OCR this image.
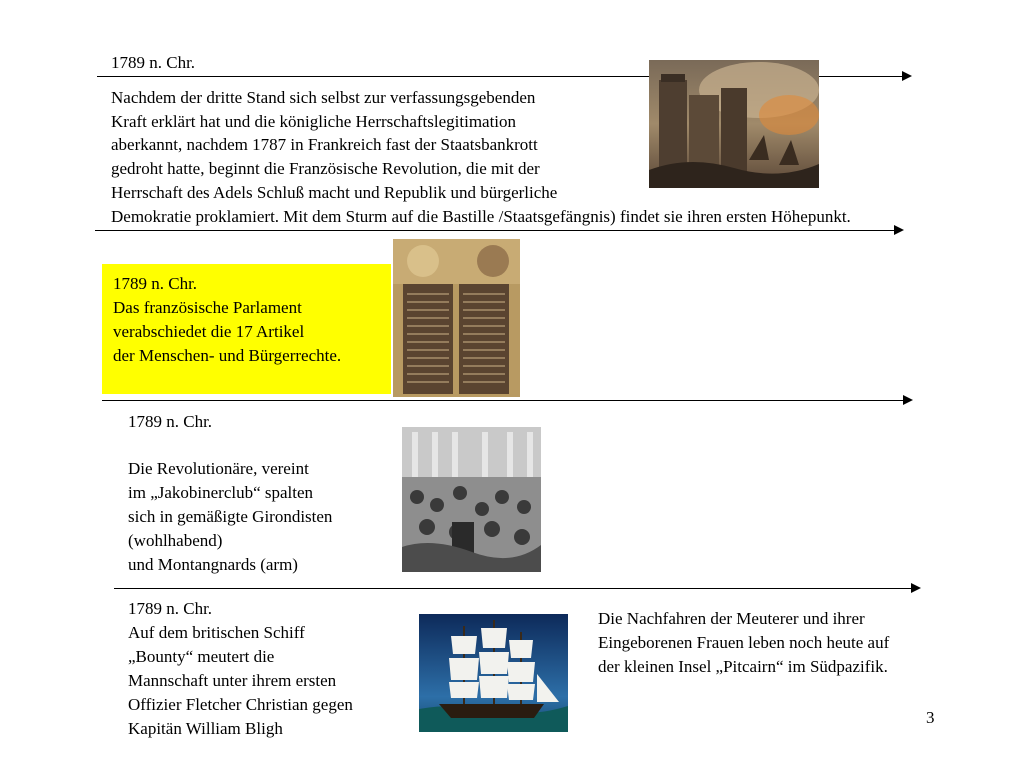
1789 n. Chr.
Nachdem der dritte Stand sich selbst zur verfassungsgebenden
Kraft erklärt hat und die königliche Herrschaftslegitimation
aberkannt, nachdem 1787 in Frankreich fast der Staatsbankrott
gedroht hatte, beginnt die Französische Revolution, die mit der
Herrschaft des Adels Schluß macht und Republik und bürgerliche
Demokratie proklamiert. Mit dem Sturm auf die Bastille /Staatsgefängnis) findet sie ihren ersten Höhepunkt.
1789 n. Chr.
Das französische Parlament
verabschiedet die 17 Artikel
der Menschen- und Bürgerrechte.
1789 n. Chr.
Die Revolutionäre, vereint
im „Jakobinerclub“ spalten
sich in gemäßigte Girondisten
(wohlhabend)
und Montangnards (arm)
1789 n. Chr.
Auf dem britischen Schiff
„Bounty“ meutert die
Mannschaft unter ihrem ersten
Offizier Fletcher Christian gegen
Kapitän William Bligh
Die Nachfahren der Meuterer und ihrer
Eingeborenen Frauen leben noch heute auf
der kleinen Insel „Pitcairn“ im Südpazifik.
3
